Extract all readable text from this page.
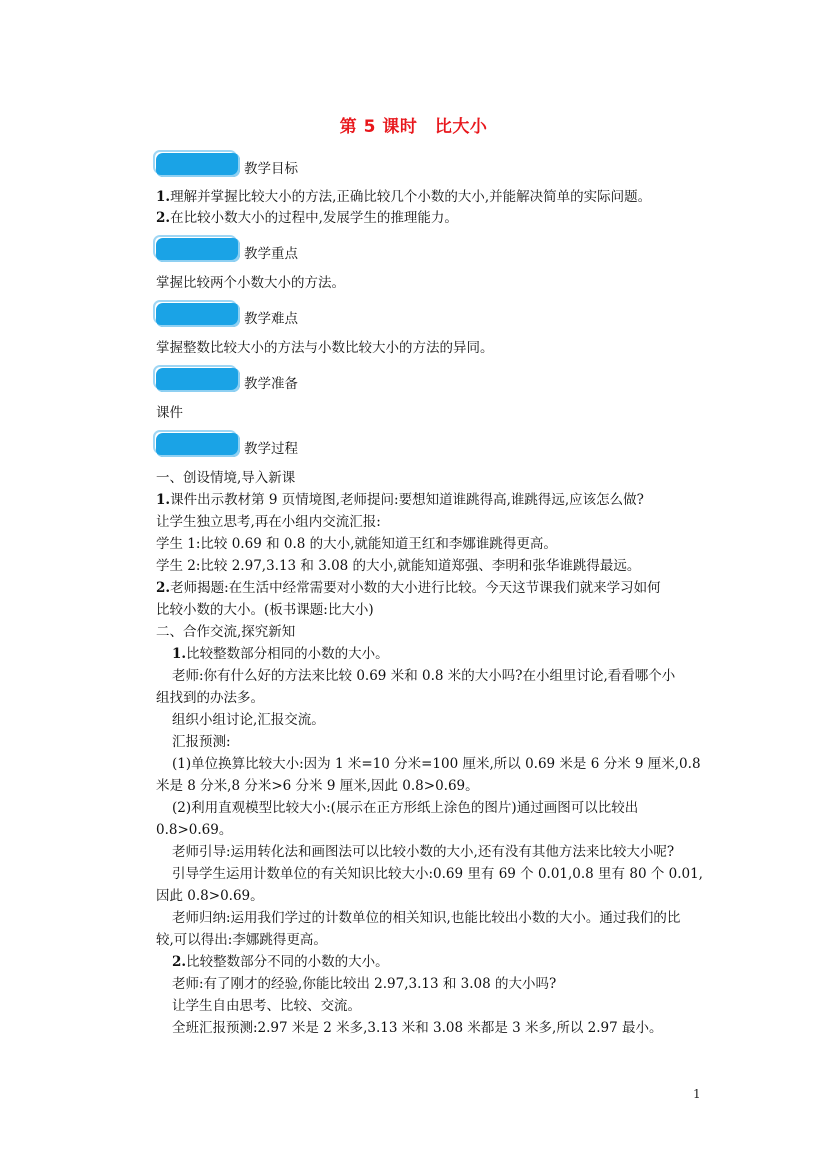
第 5 课时　比大小
教学目标
1.理解并掌握比较大小的方法,正确比较几个小数的大小,并能解决简单的实际问题。
2.在比较小数大小的过程中,发展学生的推理能力。
教学重点
掌握比较两个小数大小的方法。
教学难点
掌握整数比较大小的方法与小数比较大小的方法的异同。
教学准备
课件
教学过程
一、创设情境,导入新课
1.课件出示教材第 9 页情境图,老师提问:要想知道谁跳得高,谁跳得远,应该怎么做?
让学生独立思考,再在小组内交流汇报:
学生 1:比较 0.69 和 0.8 的大小,就能知道王红和李娜谁跳得更高。
学生 2:比较 2.97,3.13 和 3.08 的大小,就能知道郑强、李明和张华谁跳得最远。
2.老师揭题:在生活中经常需要对小数的大小进行比较。今天这节课我们就来学习如何
比较小数的大小。(板书课题:比大小)
二、合作交流,探究新知
1.比较整数部分相同的小数的大小。
老师:你有什么好的方法来比较 0.69 米和 0.8 米的大小吗?在小组里讨论,看看哪个小
组找到的办法多。
组织小组讨论,汇报交流。
汇报预测:
(1)单位换算比较大小:因为 1 米=10 分米=100 厘米,所以 0.69 米是 6 分米 9 厘米,0.8
米是 8 分米,8 分米>6 分米 9 厘米,因此 0.8>0.69。
(2)利用直观模型比较大小:(展示在正方形纸上涂色的图片)通过画图可以比较出
0.8>0.69。
老师引导:运用转化法和画图法可以比较小数的大小,还有没有其他方法来比较大小呢?
引导学生运用计数单位的有关知识比较大小:0.69 里有 69 个 0.01,0.8 里有 80 个 0.01,
因此 0.8>0.69。
老师归纳:运用我们学过的计数单位的相关知识,也能比较出小数的大小。通过我们的比
较,可以得出:李娜跳得更高。
2.比较整数部分不同的小数的大小。
老师:有了刚才的经验,你能比较出 2.97,3.13 和 3.08 的大小吗?
让学生自由思考、比较、交流。
全班汇报预测:2.97 米是 2 米多,3.13 米和 3.08 米都是 3 米多,所以 2.97 最小。
1
